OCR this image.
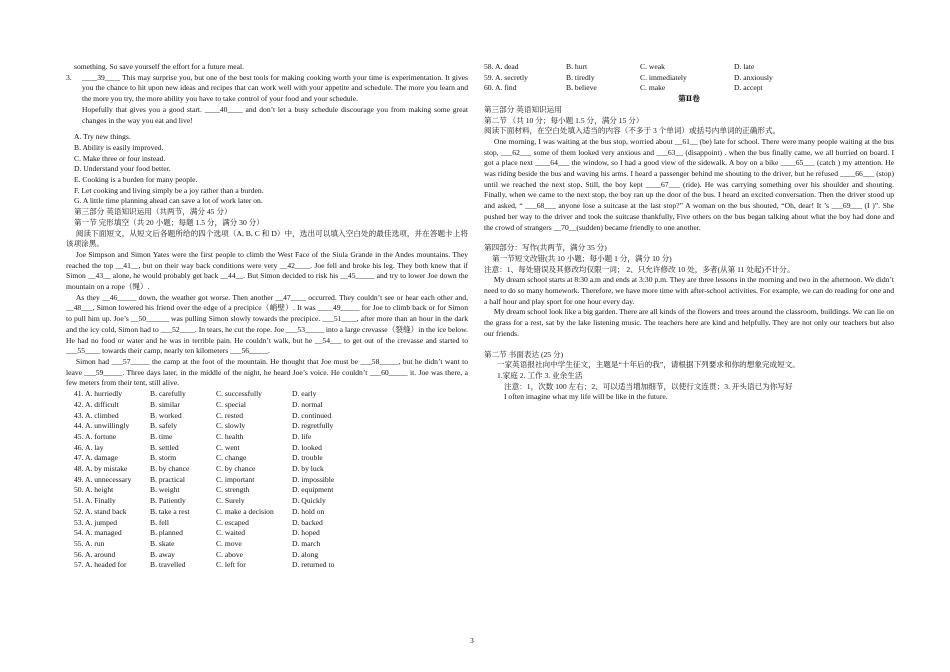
something. So save yourself the effort for a future meal.

3. ____39____ This may surprise you, but one of the best tools for making cooking worth your time is experimentation. It gives you the chance to hit upon new ideas and recipes that can work well with your appetite and schedule. The more you learn and the more you try, the more ability you have to take control of your food and your schedule.

Hopefully that gives you a good start. ____40____ and don’t let a busy schedule discourage you from making some great changes in the way you eat and live!

A. Try new things.

B. Ability is easily improved.

C. Make three or four instead.

D. Understand your food better.

E. Cooking is a burden for many people.

F. Let cooking and living simply be a joy rather than a burden.

G. A little time planning ahead can save a lot of work later on.

第三部分 英语知识运用（共两节，满分 45 分）

第一节 完形填空（共 20 小题；每题 1.5 分，满分 30 分）

阅读下面短文，从短文后各题所给的四个选项（A, B, C 和 D）中，选出可以填入空白处的最佳选项，并在答题卡上将该项涂黑。

Joe Simpson and Simon Yates were the first people to climb the West Face of the Siula Grande in the Andes mountains. They reached the top __41__, but on their way back conditions were very __42____. Joe fell and broke his leg. They both knew that if Simon __43__ alone, he would probably get back __44__. But Simon decided to risk his __45_____ and try to lower Joe down the mountain on a rope（绳）.

As they __46_____ down, the weather got worse. Then another __47____ occurred. They couldn’t see or hear each other and, __48___, Simon lowered his friend over the edge of a precipice（峭壁）. It was ____49_____ for Joe to climb back or for Simon to pull him up. Joe’s __50______ was pulling Simon slowly towards the precipice. ___51____, after more than an hour in the dark and the icy cold, Simon had to ___52____. In tears, he cut the rope. Joe ___53_____ into a large crevasse（裂缝）in the ice below. He had no food or water and he was in terrible pain. He couldn’t walk, but he __54___ to get out of the crevasse and started to ___55____ towards their camp, nearly ten kilometers ___56_____.

Simon had ___57_____ the camp at the foot of the mountain. He thought that Joe must be ___58_____, but he didn’t want to leave ___59_____. Three days later, in the middle of the night, he heard Joe’s voice. He couldn’t ___60_____ it. Joe was there, a few meters from their tent, still alive.

41. A. hurriedly	B. carefully	C. successfully	D. early
42. A. difficult	B. similar	C. special	D. normal
43. A. climbed	B. worked	C. rested	D. continued
44. A. unwillingly	B. safely	C. slowly	D. regretfully
45. A. fortune	B. time	C. health	D. life
46. A. lay	B. settled	C. went	D. looked
47. A. damage	B. storm	C. change	D. trouble
48. A. by mistake	B. by chance	C. by chance	D. by luck
49. A. unnecessary	B. practical	C. important	D. impossible
50. A. height	B. weight	C. strength	D. equipment
51. A. Finally	B. Patiently	C. Surely	D. Quickly
52. A. stand back	B. take a rest	C. make a decision	D. hold on
53. A. jumped	B. fell	C. escaped	D. backed
54. A. managed	B. planned	C. waited	D. hoped
55. A. run	B. skate	C. move	D. march
56. A. around	B. away	C. above	D. along
57. A. headed for	B. travelled	C. left for	D. returned to
58. A. dead	B. hurt	C. weak	D. late
59. A. secretly	B. tiredly	C. immediately	D. anxiously
60. A. find	B. believe	C. make	D. accept

第Ⅱ卷

第三部分 英语知识运用

第二节 （共 10 分；每小题 1.5 分，满分 15 分）

阅读下面材料，在空白处填入适当的内容（不多于 3 个单词）或括号内单词的正确形式。

One morning, I was waiting at the bus stop, worried about __61__ (be) late for school. There were many people waiting at the bus stop, ___62___ some of them looked very anxious and ___63__ (disappoint) . when the bus finally came, we all hurried on board. I got a place next ____64___ the window, so I had a good view of the sidewalk. A boy on a bike ____65___ (catch ) my attention. He was riding beside the bus and waving his arms. I heard a passenger behind me shouting to the driver, but he refused ____66___ (stop) until we reached the next stop. Still, the boy kept ____67___ (ride). He was carrying something over his shoulder and shouting. Finally, when we came to the next stop, the boy ran up the door of the bus. I heard an excited conversation. Then the driver stood up and asked, “ ___68___ anyone lose a suitcase at the last stop?” A woman on the bus shouted, “Oh, dear! It ’s ___69___ (I )”. She pushed her way to the driver and took the suitcase thankfully, Five others on the bus began talking about what the boy had done and the crowd of strangers __70__(sudden) became friendly to one another.

第四部分：写作(共两节，满分 35 分)

第一节短文改错(共 10 小题；每小题 1 分，满分 10 分)

注意：1、每处错误及其修改均仅限一词； 2、只允许修改 10 处，多者(从第 11 处起)不计分。

My dream school starts at 8:30 a.m and ends at 3:30 p.m. They are three lessons in the morning and two in the afternoon. We didn’t need to do so many homework. Therefore, we have more time with after-school activities. For example, we can do reading for one and a half hour and play sport for one hour every day.

My dream school look like a big garden. There are all kinds of the flowers and trees around the classroom, buildings. We can lie on the grass for a rest, sat by the lake listening music. The teachers here are kind and helpfully. They are not only our teachers but also our friends.

第二节 书面表达 (25 分)

一家英语报社向中学生征文，主题是“十年后的我”，请根据下列要求和你的想象完成短文。

1.家庭 2. 工作 3. 业余生活

注意：1，次数 100 左右；2、可以适当增加细节，以使行文连贯；3. 开头语已为你写好

I often imagine what my life will be like in the future.

3
